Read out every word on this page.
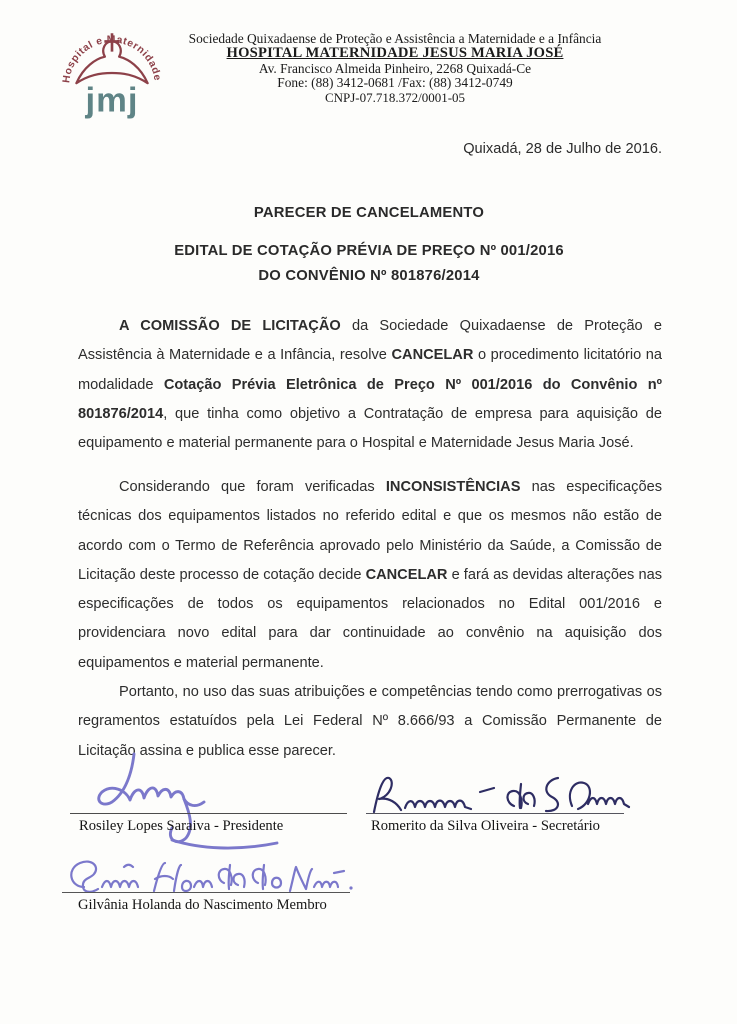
Hospital e Maternidade
jmj
Sociedade Quixadaense de Proteção e Assistência a Maternidade e a Infância
HOSPITAL MATERNIDADE JESUS MARIA JOSÉ
Av. Francisco Almeida Pinheiro, 2268 Quixadá-Ce
Fone: (88) 3412-0681 /Fax: (88) 3412-0749
CNPJ-07.718.372/0001-05
Quixadá, 28 de Julho de 2016.
PARECER DE CANCELAMENTO
EDITAL DE COTAÇÃO PRÉVIA DE PREÇO Nº 001/2016
DO CONVÊNIO Nº 801876/2014

A COMISSÃO DE LICITAÇÃO da Sociedade Quixadaense de Proteção e Assistência à Maternidade e a Infância, resolve CANCELAR o procedimento licitatório na modalidade Cotação Prévia Eletrônica de Preço Nº 001/2016 do Convênio nº 801876/2014, que tinha como objetivo a Contratação de empresa para aquisição de equipamento e material permanente para o Hospital e Maternidade Jesus Maria José.

Considerando que foram verificadas INCONSISTÊNCIAS nas especificações técnicas dos equipamentos listados no referido edital e que os mesmos não estão de acordo com o Termo de Referência aprovado pelo Ministério da Saúde, a Comissão de Licitação deste processo de cotação decide CANCELAR e fará as devidas alterações nas especificações de todos os equipamentos relacionados no Edital 001/2016 e providenciara novo edital para dar continuidade ao convênio na aquisição dos equipamentos e material permanente.

Portanto, no uso das suas atribuições e competências tendo como prerrogativas os regramentos estatuídos pela Lei Federal Nº 8.666/93 a Comissão Permanente de Licitação assina e publica esse parecer.

Rosiley Lopes Saraiva - Presidente	Romerito da Silva Oliveira - Secretário
Gilvânia Holanda do Nascimento Membro
